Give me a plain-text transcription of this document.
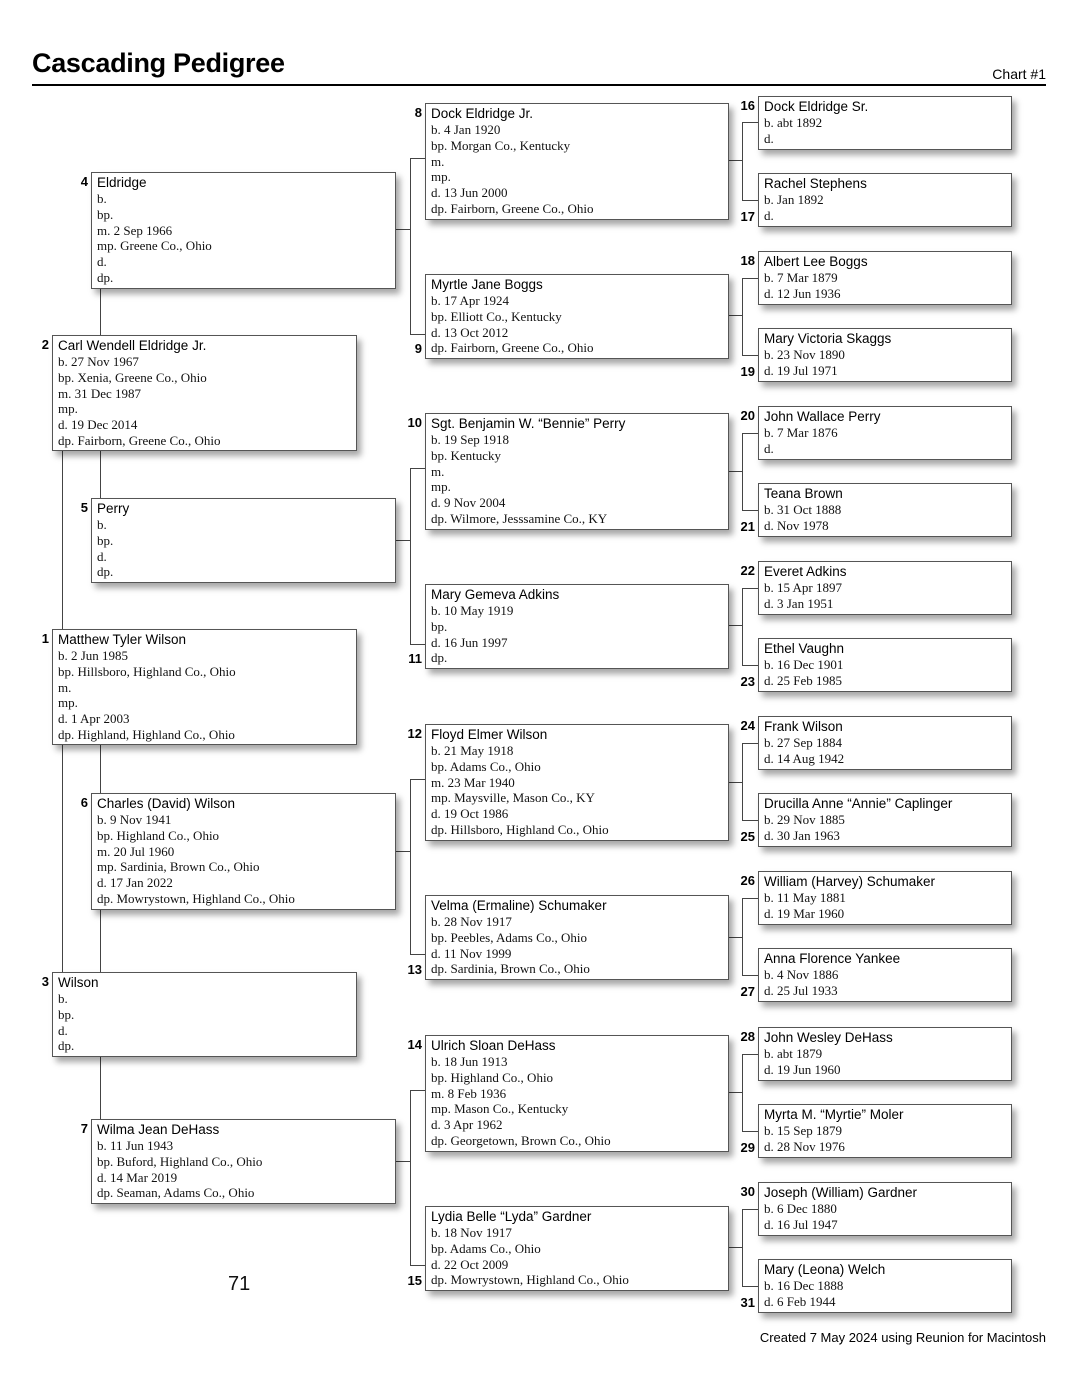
Cascading Pedigree	Chart #1
Eldridge
b.
bp.
m. 2 Sep 1966
mp. Greene Co., Ohio
d.
dp.
4
Carl Wendell Eldridge Jr.
b. 27 Nov 1967
bp. Xenia, Greene Co., Ohio
m. 31 Dec 1987
mp.
d. 19 Dec 2014
dp. Fairborn, Greene Co., Ohio
2
Perry
b.
bp.
d.
dp.
5
Matthew Tyler Wilson
b. 2 Jun 1985
bp. Hillsboro, Highland Co., Ohio
m.
mp.
d. 1 Apr 2003
dp. Highland, Highland Co., Ohio
1
Charles (David) Wilson
b. 9 Nov 1941
bp. Highland Co., Ohio
m. 20 Jul 1960
mp. Sardinia, Brown Co., Ohio
d. 17 Jan 2022
dp. Mowrystown, Highland Co., Ohio
6
Wilson
b.
bp.
d.
dp.
3
Wilma Jean DeHass
b. 11 Jun 1943
bp. Buford, Highland Co., Ohio
d. 14 Mar 2019
dp. Seaman, Adams Co., Ohio
7
Dock Eldridge Jr.
b. 4 Jan 1920
bp. Morgan Co., Kentucky
m.
mp.
d. 13 Jun 2000
dp. Fairborn, Greene Co., Ohio
8
Myrtle Jane Boggs
b. 17 Apr 1924
bp. Elliott Co., Kentucky
d. 13 Oct 2012
dp. Fairborn, Greene Co., Ohio
9
Sgt. Benjamin W. “Bennie” Perry
b. 19 Sep 1918
bp. Kentucky
m.
mp.
d. 9 Nov 2004
dp. Wilmore, Jesssamine Co., KY
10
Mary Gemeva Adkins
b. 10 May 1919
bp.
d. 16 Jun 1997
dp.
11
Floyd Elmer Wilson
b. 21 May 1918
bp. Adams Co., Ohio
m. 23 Mar 1940
mp. Maysville, Mason Co., KY
d. 19 Oct 1986
dp. Hillsboro, Highland Co., Ohio
12
Velma (Ermaline) Schumaker
b. 28 Nov 1917
bp. Peebles, Adams Co., Ohio
d. 11 Nov 1999
dp. Sardinia, Brown Co., Ohio
13
Ulrich Sloan DeHass
b. 18 Jun 1913
bp. Highland Co., Ohio
m. 8 Feb 1936
mp. Mason Co., Kentucky
d. 3 Apr 1962
dp. Georgetown, Brown Co., Ohio
14
Lydia Belle “Lyda” Gardner
b. 18 Nov 1917
bp. Adams Co., Ohio
d. 22 Oct 2009
dp. Mowrystown, Highland Co., Ohio
15
Dock Eldridge Sr.
b. abt 1892
d.
16
Rachel Stephens
b. Jan 1892
d.
17
Albert Lee Boggs
b. 7 Mar 1879
d. 12 Jun 1936
18
Mary Victoria Skaggs
b. 23 Nov 1890
d. 19 Jul 1971
19
John Wallace Perry
b. 7 Mar 1876
d.
20
Teana Brown
b. 31 Oct 1888
d. Nov 1978
21
Everet Adkins
b. 15 Apr 1897
d. 3 Jan 1951
22
Ethel Vaughn
b. 16 Dec 1901
d. 25 Feb 1985
23
Frank Wilson
b. 27 Sep 1884
d. 14 Aug 1942
24
Drucilla Anne “Annie” Caplinger
b. 29 Nov 1885
d. 30 Jan 1963
25
William (Harvey) Schumaker
b. 11 May 1881
d. 19 Mar 1960
26
Anna Florence Yankee
b. 4 Nov 1886
d. 25 Jul 1933
27
John Wesley DeHass
b. abt 1879
d. 19 Jun 1960
28
Myrta M. “Myrtie” Moler
b. 15 Sep 1879
d. 28 Nov 1976
29
Joseph (William) Gardner
b. 6 Dec 1880
d. 16 Jul 1947
30
Mary (Leona) Welch
b. 16 Dec 1888
d. 6 Feb 1944
31
71
Created 7 May 2024 using Reunion for Macintosh
